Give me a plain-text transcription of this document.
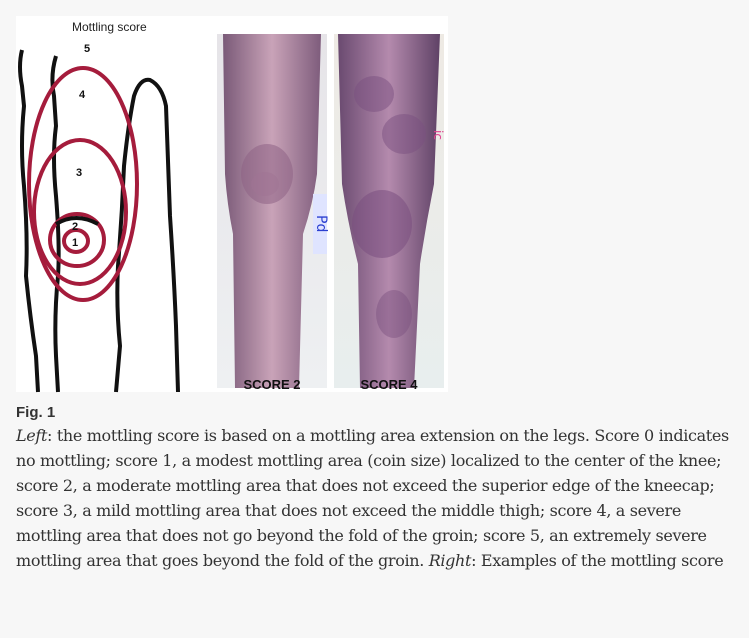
Mottling score
5
4
3
2
1
Pd
ic
SCORE 2	SCORE 4
Fig. 1

Left: the mottling score is based on a mottling area extension on the legs. Score 0 indicates no mottling; score 1, a modest mottling area (coin size) localized to the center of the knee; score 2, a moderate mottling area that does not exceed the superior edge of the kneecap; score 3, a mild mottling area that does not exceed the middle thigh; score 4, a severe mottling area that does not go beyond the fold of the groin; score 5, an extremely severe mottling area that goes beyond the fold of the groin. Right: Examples of the mottling score
